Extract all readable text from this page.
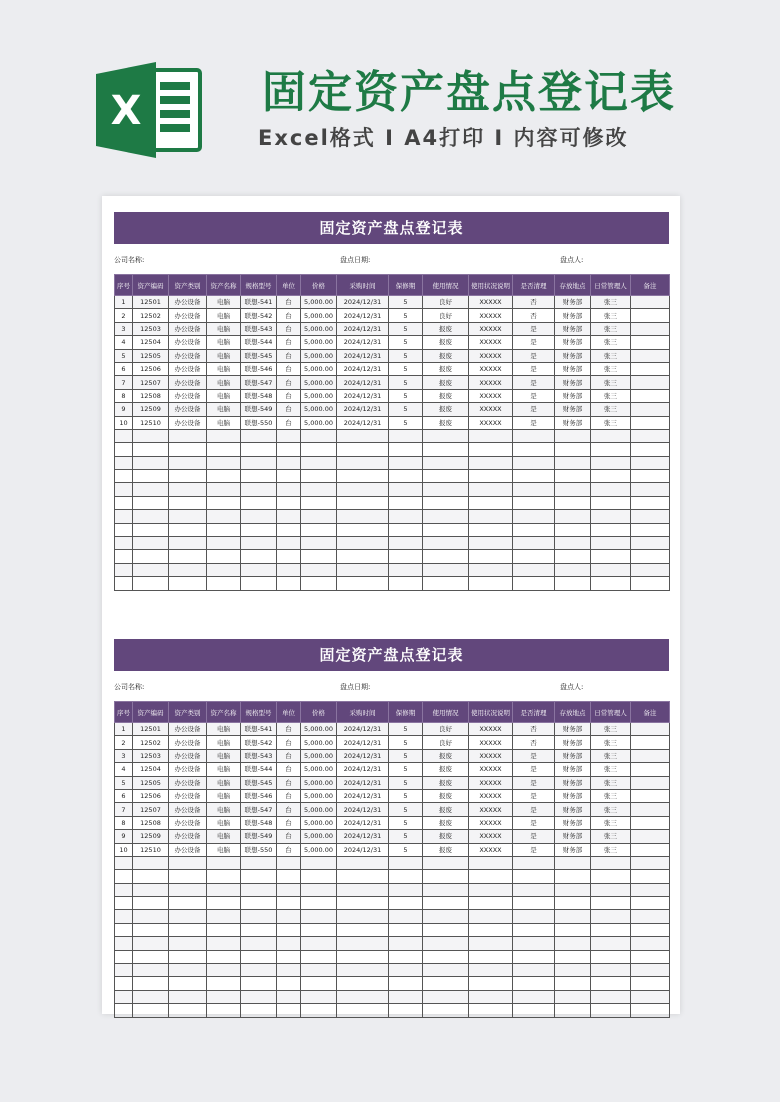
X	固定资产盘点登记表
Excel格式 I A4打印 I 内容可修改
固定资产盘点登记表
公司名称:	盘点日期:	盘点人:
序号	资产编码	资产类别	资产名称	规格型号	单位	价格	采购时间	保修期	使用情况	使用状况说明	是否清理	存放地点	日常管理人	备注
1	12501	办公设备	电脑	联想-541	台	5,000.00	2024/12/31	5	良好	XXXXX	否	财务部	张三	
2	12502	办公设备	电脑	联想-542	台	5,000.00	2024/12/31	5	良好	XXXXX	否	财务部	张三	
3	12503	办公设备	电脑	联想-543	台	5,000.00	2024/12/31	5	报废	XXXXX	是	财务部	张三	
4	12504	办公设备	电脑	联想-544	台	5,000.00	2024/12/31	5	报废	XXXXX	是	财务部	张三	
5	12505	办公设备	电脑	联想-545	台	5,000.00	2024/12/31	5	报废	XXXXX	是	财务部	张三	
6	12506	办公设备	电脑	联想-546	台	5,000.00	2024/12/31	5	报废	XXXXX	是	财务部	张三	
7	12507	办公设备	电脑	联想-547	台	5,000.00	2024/12/31	5	报废	XXXXX	是	财务部	张三	
8	12508	办公设备	电脑	联想-548	台	5,000.00	2024/12/31	5	报废	XXXXX	是	财务部	张三	
9	12509	办公设备	电脑	联想-549	台	5,000.00	2024/12/31	5	报废	XXXXX	是	财务部	张三	
10	12510	办公设备	电脑	联想-550	台	5,000.00	2024/12/31	5	报废	XXXXX	是	财务部	张三	

固定资产盘点登记表
公司名称:	盘点日期:	盘点人:
序号	资产编码	资产类别	资产名称	规格型号	单位	价格	采购时间	保修期	使用情况	使用状况说明	是否清理	存放地点	日常管理人	备注
1	12501	办公设备	电脑	联想-541	台	5,000.00	2024/12/31	5	良好	XXXXX	否	财务部	张三	
2	12502	办公设备	电脑	联想-542	台	5,000.00	2024/12/31	5	良好	XXXXX	否	财务部	张三	
3	12503	办公设备	电脑	联想-543	台	5,000.00	2024/12/31	5	报废	XXXXX	是	财务部	张三	
4	12504	办公设备	电脑	联想-544	台	5,000.00	2024/12/31	5	报废	XXXXX	是	财务部	张三	
5	12505	办公设备	电脑	联想-545	台	5,000.00	2024/12/31	5	报废	XXXXX	是	财务部	张三	
6	12506	办公设备	电脑	联想-546	台	5,000.00	2024/12/31	5	报废	XXXXX	是	财务部	张三	
7	12507	办公设备	电脑	联想-547	台	5,000.00	2024/12/31	5	报废	XXXXX	是	财务部	张三	
8	12508	办公设备	电脑	联想-548	台	5,000.00	2024/12/31	5	报废	XXXXX	是	财务部	张三	
9	12509	办公设备	电脑	联想-549	台	5,000.00	2024/12/31	5	报废	XXXXX	是	财务部	张三	
10	12510	办公设备	电脑	联想-550	台	5,000.00	2024/12/31	5	报废	XXXXX	是	财务部	张三	
